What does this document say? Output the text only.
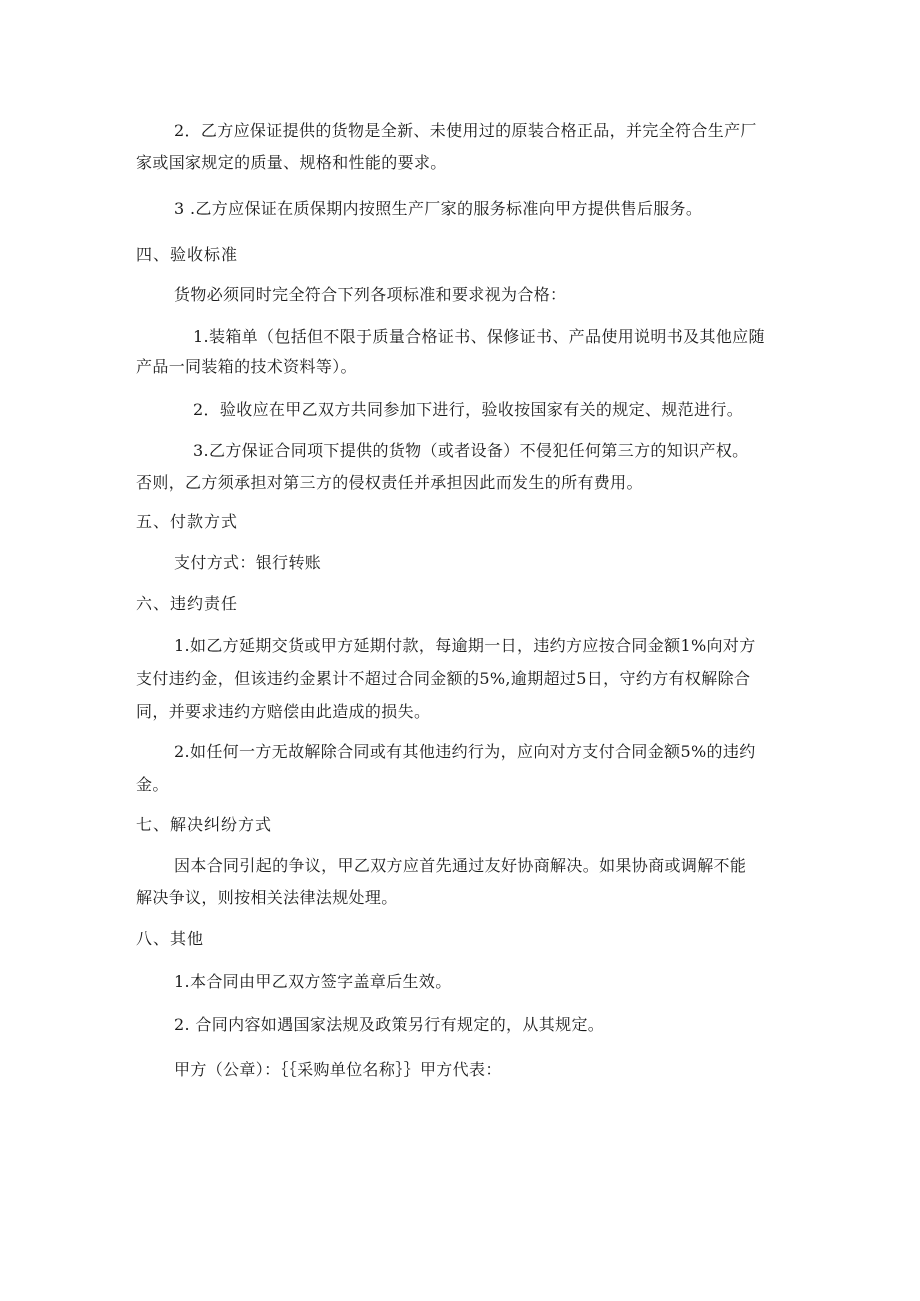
2．乙方应保证提供的货物是全新、未使用过的原装合格正品，并完全符合生产厂
家或国家规定的质量、规格和性能的要求。
3 .乙方应保证在质保期内按照生产厂家的服务标准向甲方提供售后服务。
四、验收标准
货物必须同时完全符合下列各项标准和要求视为合格：
1.装箱单（包括但不限于质量合格证书、保修证书、产品使用说明书及其他应随
产品一同装箱的技术资料等）。
2．验收应在甲乙双方共同参加下进行，验收按国家有关的规定、规范进行。
3.乙方保证合同项下提供的货物（或者设备）不侵犯任何第三方的知识产权。
否则，乙方须承担对第三方的侵权责任并承担因此而发生的所有费用。
五、付款方式
支付方式：银行转账
六、违约责任
1.如乙方延期交货或甲方延期付款，每逾期一日，违约方应按合同金额1%向对方
支付违约金，但该违约金累计不超过合同金额的5%,逾期超过5日，守约方有权解除合
同，并要求违约方赔偿由此造成的损失。
2.如任何一方无故解除合同或有其他违约行为，应向对方支付合同金额5%的违约
金。
七、解决纠纷方式
因本合同引起的争议，甲乙双方应首先通过友好协商解决。如果协商或调解不能
解决争议，则按相关法律法规处理。
八、其他
1.本合同由甲乙双方签字盖章后生效。
2. 合同内容如遇国家法规及政策另行有规定的，从其规定。
甲方（公章）：｛｛采购单位名称｝｝甲方代表：
